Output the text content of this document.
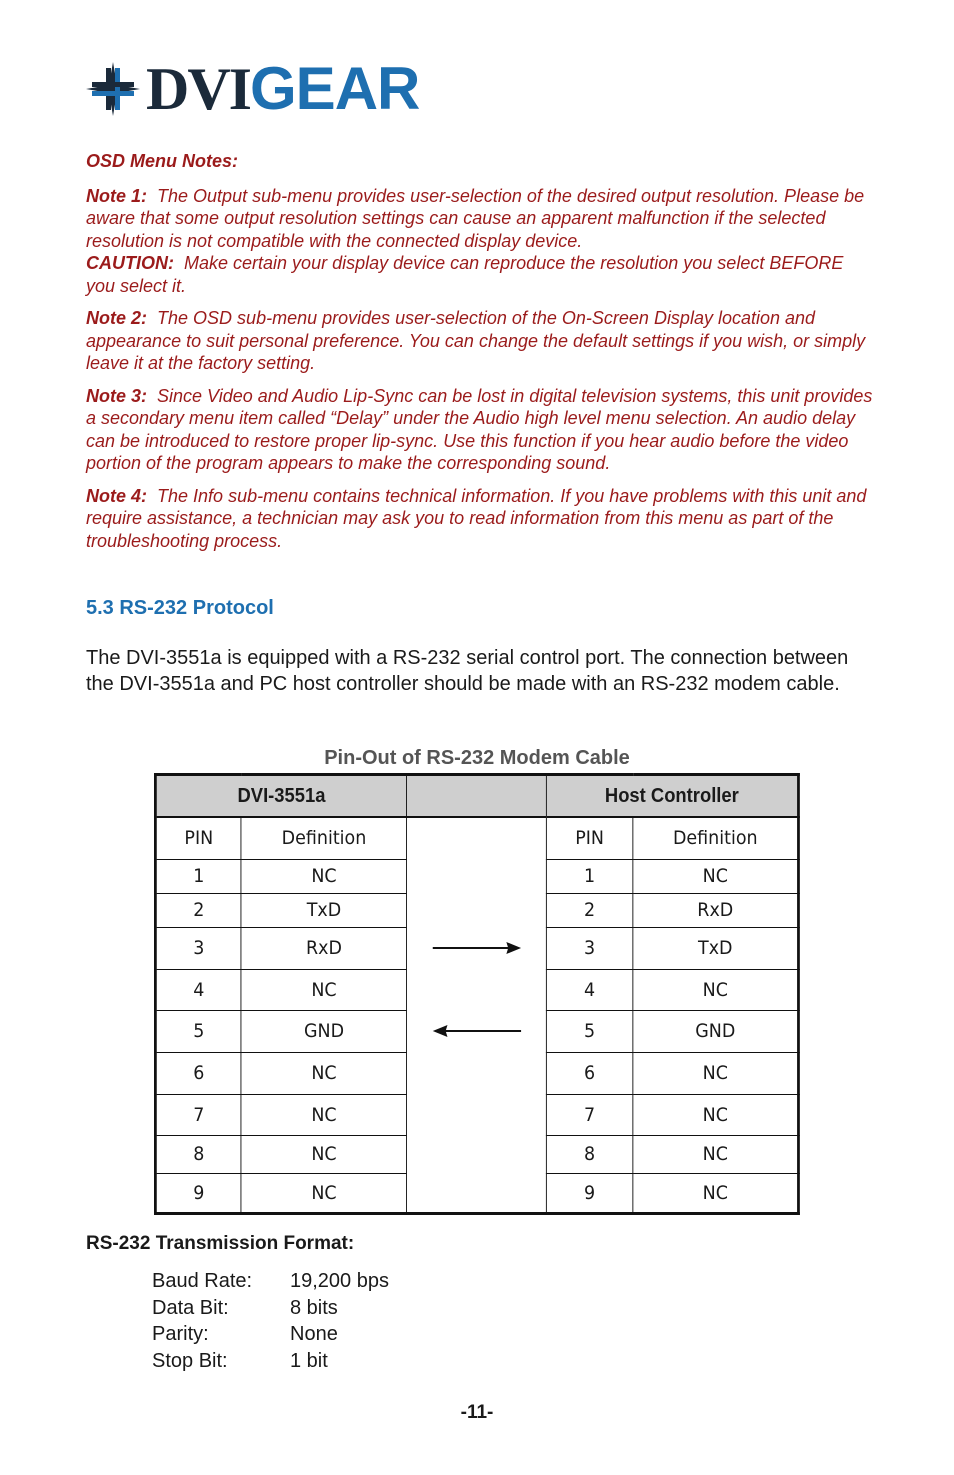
DVIGEAR

OSD Menu Notes:

Note 1: The Output sub-menu provides user-selection of the desired output resolution. Please be aware that some output resolution settings can cause an apparent malfunction if the selected resolution is not compatible with the connected display device.

CAUTION: Make certain your display device can reproduce the resolution you select BEFORE you select it.

Note 2: The OSD sub-menu provides user-selection of the On-Screen Display location and appearance to suit personal preference. You can change the default settings if you wish, or simply leave it at the factory setting.

Note 3: Since Video and Audio Lip-Sync can be lost in digital television systems, this unit provides a secondary menu item called “Delay” under the Audio high level menu selection. An audio delay can be introduced to restore proper lip-sync. Use this function if you hear audio before the video portion of the program appears to make the corresponding sound.

Note 4: The Info sub-menu contains technical information. If you have problems with this unit and require assistance, a technician may ask you to read information from this menu as part of the troubleshooting process.

5.3 RS-232 Protocol

The DVI-3551a is equipped with a RS-232 serial control port. The connection between the DVI-3551a and PC host controller should be made with an RS-232 modem cable.

Pin-Out of RS-232 Modem Cable
DVI-3551a			Host Controller	
PIN	Definition		PIN	Definition
1	NC		1	NC
2	TxD		2	RxD
3	RxD		3	TxD
4	NC		4	NC
5	GND		5	GND
6	NC		6	NC
7	NC		7	NC
8	NC		8	NC
9	NC		9	NC
RS-232 Transmission Format:
Baud Rate:	19,200 bps
Data Bit:	8 bits
Parity:	None
Stop Bit:	1 bit
-11-
